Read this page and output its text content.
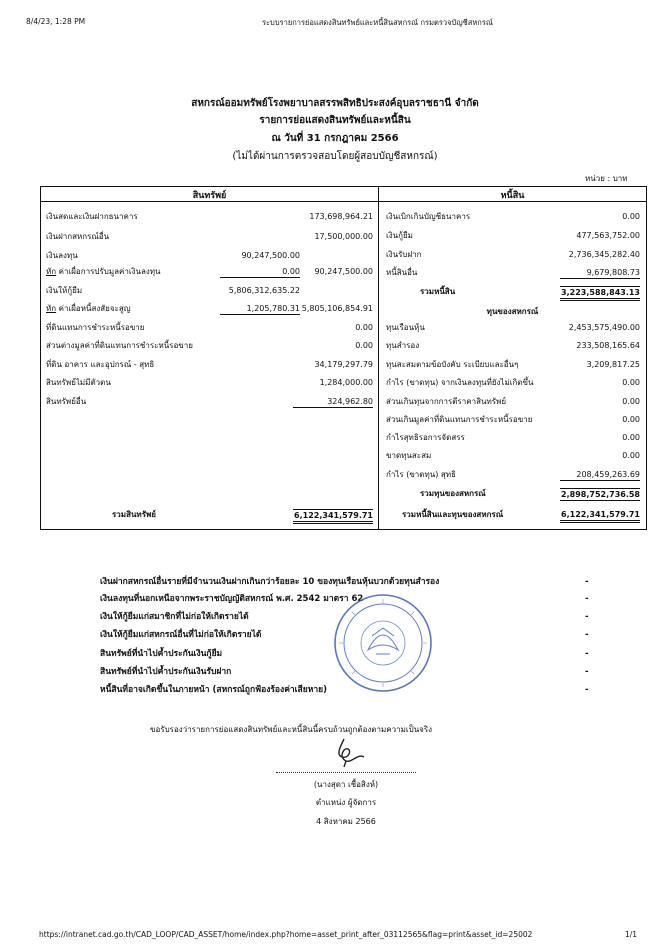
8/4/23, 1:28 PM	ระบบรายการย่อแสดงสินทรัพย์และหนี้สินสหกรณ์ กรมตรวจบัญชีสหกรณ์
สหกรณ์ออมทรัพย์โรงพยาบาลสรรพสิทธิประสงค์อุบลราชธานี จำกัด
รายการย่อแสดงสินทรัพย์และหนี้สิน
ณ วันที่ 31 กรกฎาคม 2566
(ไม่ได้ผ่านการตรวจสอบโดยผู้สอบบัญชีสหกรณ์)
หน่วย : บาท
สินทรัพย์	หนี้สิน
เงินสดและเงินฝากธนาคาร	173,698,964.21
เงินฝากสหกรณ์อื่น	17,500,000.00
เงินลงทุน	90,247,500.00
หัก ค่าเผื่อการปรับมูลค่าเงินลงทุน	0.00	90,247,500.00
เงินให้กู้ยืม	5,806,312,635.22
หัก ค่าเผื่อหนี้สงสัยจะสูญ	1,205,780.31 5,805,106,854.91
ที่ดินแทนการชำระหนี้รอขาย	0.00
ส่วนต่างมูลค่าที่ดินแทนการชำระหนี้รอขาย	0.00
ที่ดิน อาคาร และอุปกรณ์ - สุทธิ	34,179,297.79
สินทรัพย์ไม่มีตัวตน	1,284,000.00
สินทรัพย์อื่น	324,962.80
รวมสินทรัพย์	6,122,341,579.71
เงินเบิกเกินบัญชีธนาคาร	0.00
เงินกู้ยืม	477,563,752.00
เงินรับฝาก	2,736,345,282.40
หนี้สินอื่น	9,679,808.73
รวมหนี้สิน	3,223,588,843.13
ทุนของสหกรณ์
ทุนเรือนหุ้น	2,453,575,490.00
ทุนสำรอง	233,508,165.64
ทุนสะสมตามข้อบังคับ ระเบียบและอื่นๆ	3,209,817.25
กำไร (ขาดทุน) จากเงินลงทุนที่ยังไม่เกิดขึ้น	0.00
ส่วนเกินทุนจากการตีราคาสินทรัพย์	0.00
ส่วนเกินมูลค่าที่ดินแทนการชำระหนี้รอขาย	0.00
กำไรสุทธิรอการจัดสรร	0.00
ขาดทุนสะสม	0.00
กำไร (ขาดทุน) สุทธิ	208,459,263.69
รวมทุนของสหกรณ์	2,898,752,736.58
รวมหนี้สินและทุนของสหกรณ์	6,122,341,579.71
เงินฝากสหกรณ์อื่นรายที่มีจำนวนเงินฝากเกินกว่าร้อยละ 10 ของทุนเรือนหุ้นบวกด้วยทุนสำรอง	-
เงินลงทุนที่นอกเหนือจากพระราชบัญญัติสหกรณ์ พ.ศ. 2542 มาตรา 62	-
เงินให้กู้ยืมแก่สมาชิกที่ไม่ก่อให้เกิดรายได้	-
เงินให้กู้ยืมแก่สหกรณ์อื่นที่ไม่ก่อให้เกิดรายได้	-
สินทรัพย์ที่นำไปค้ำประกันเงินกู้ยืม	-
สินทรัพย์ที่นำไปค้ำประกันเงินรับฝาก	-
หนี้สินที่อาจเกิดขึ้นในภายหน้า (สหกรณ์ถูกฟ้องร้องค่าเสียหาย)	-
ขอรับรองว่ารายการย่อแสดงสินทรัพย์และหนี้สินนี้ครบถ้วนถูกต้องตามความเป็นจริง
(นางสุดา เชื้อสิงห์)
ตำแหน่ง ผู้จัดการ
4 สิงหาคม 2566
https://intranet.cad.go.th/CAD_LOOP/CAD_ASSET/home/index.php?home=asset_print_after_03112565&flag=print&asset_id=25002	1/1
